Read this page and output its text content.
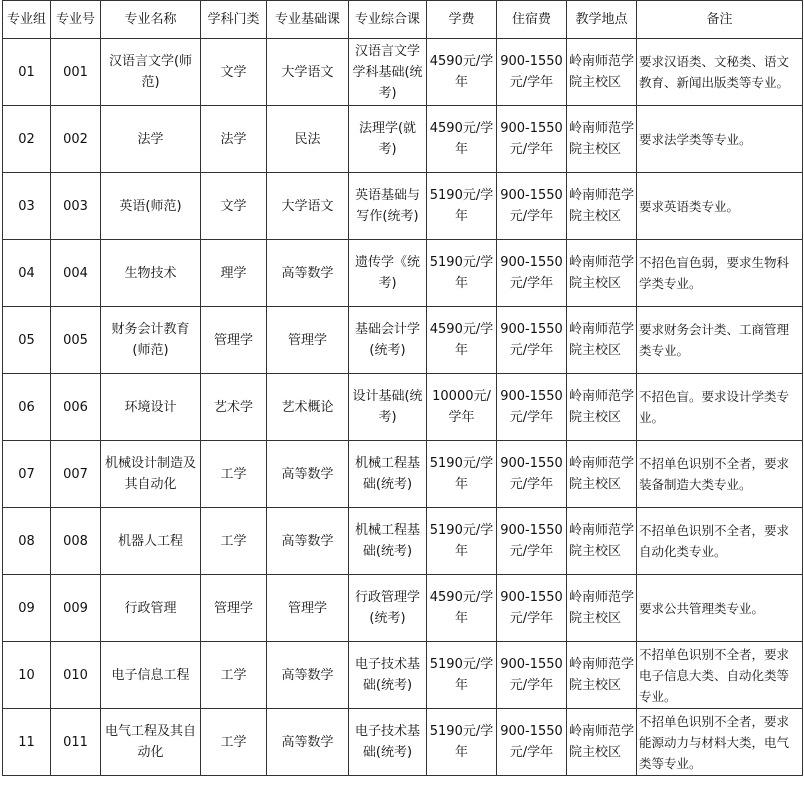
专业组	专业号	专业名称	学科门类	专业基础课	专业综合课	学费	住宿费	教学地点	备注
01	001	汉语言文学(师范)	文学	大学语文	汉语言文学学科基础(统考)	4590元/学年	900-1550元/学年	岭南师范学院主校区	要求汉语类、文秘类、语文教育、新闻出版类等专业。
02	002	法学	法学	民法	法理学(就考)	4590元/学年	900-1550元/学年	岭南师范学院主校区	要求法学类等专业。
03	003	英语(师范)	文学	大学语文	英语基础与写作(统考)	5190元/学年	900-1550元/学年	岭南师范学院主校区	要求英语类专业。
04	004	生物技术	理学	高等数学	遗传学《统考)	5190元/学年	900-1550元/学年	岭南师范学院主校区	不招色盲色弱，要求生物科学类专业。
05	005	财务会计教育(师范)	管理学	管理学	基础会计学(统考)	4590元/学年	900-1550元/学年	岭南师范学院主校区	要求财务会计类、工商管理类专业。
06	006	环境设计	艺术学	艺术概论	设计基础(统考)	10000元/学年	900-1550元/学年	岭南师范学院主校区	不招色盲。要求设计学类专业。
07	007	机械设计制造及其自动化	工学	高等数学	机械工程基础(统考)	5190元/学年	900-1550元/学年	岭南师范学院主校区	不招单色识别不全者，要求装备制造大类专业。
08	008	机器人工程	工学	高等数学	机械工程基础(统考)	5190元/学年	900-1550元/学年	岭南师范学院主校区	不招单色识别不全者，要求自动化类专业。
09	009	行政管理	管理学	管理学	行政管理学(统考)	4590元/学年	900-1550元/学年	岭南师范学院主校区	要求公共管理类专业。
10	010	电子信息工程	工学	高等数学	电子技术基础(统考)	5190元/学年	900-1550元/学年	岭南师范学院主校区	不招单色识别不全者，要求电子信息大类、自动化类等专业。
11	011	电气工程及其自动化	工学	高等数学	电子技术基础(统考)	5190元/学年	900-1550元/学年	岭南师范学院主校区	不招单色识别不全者，要求能源动力与材料大类，电气类等专业。
